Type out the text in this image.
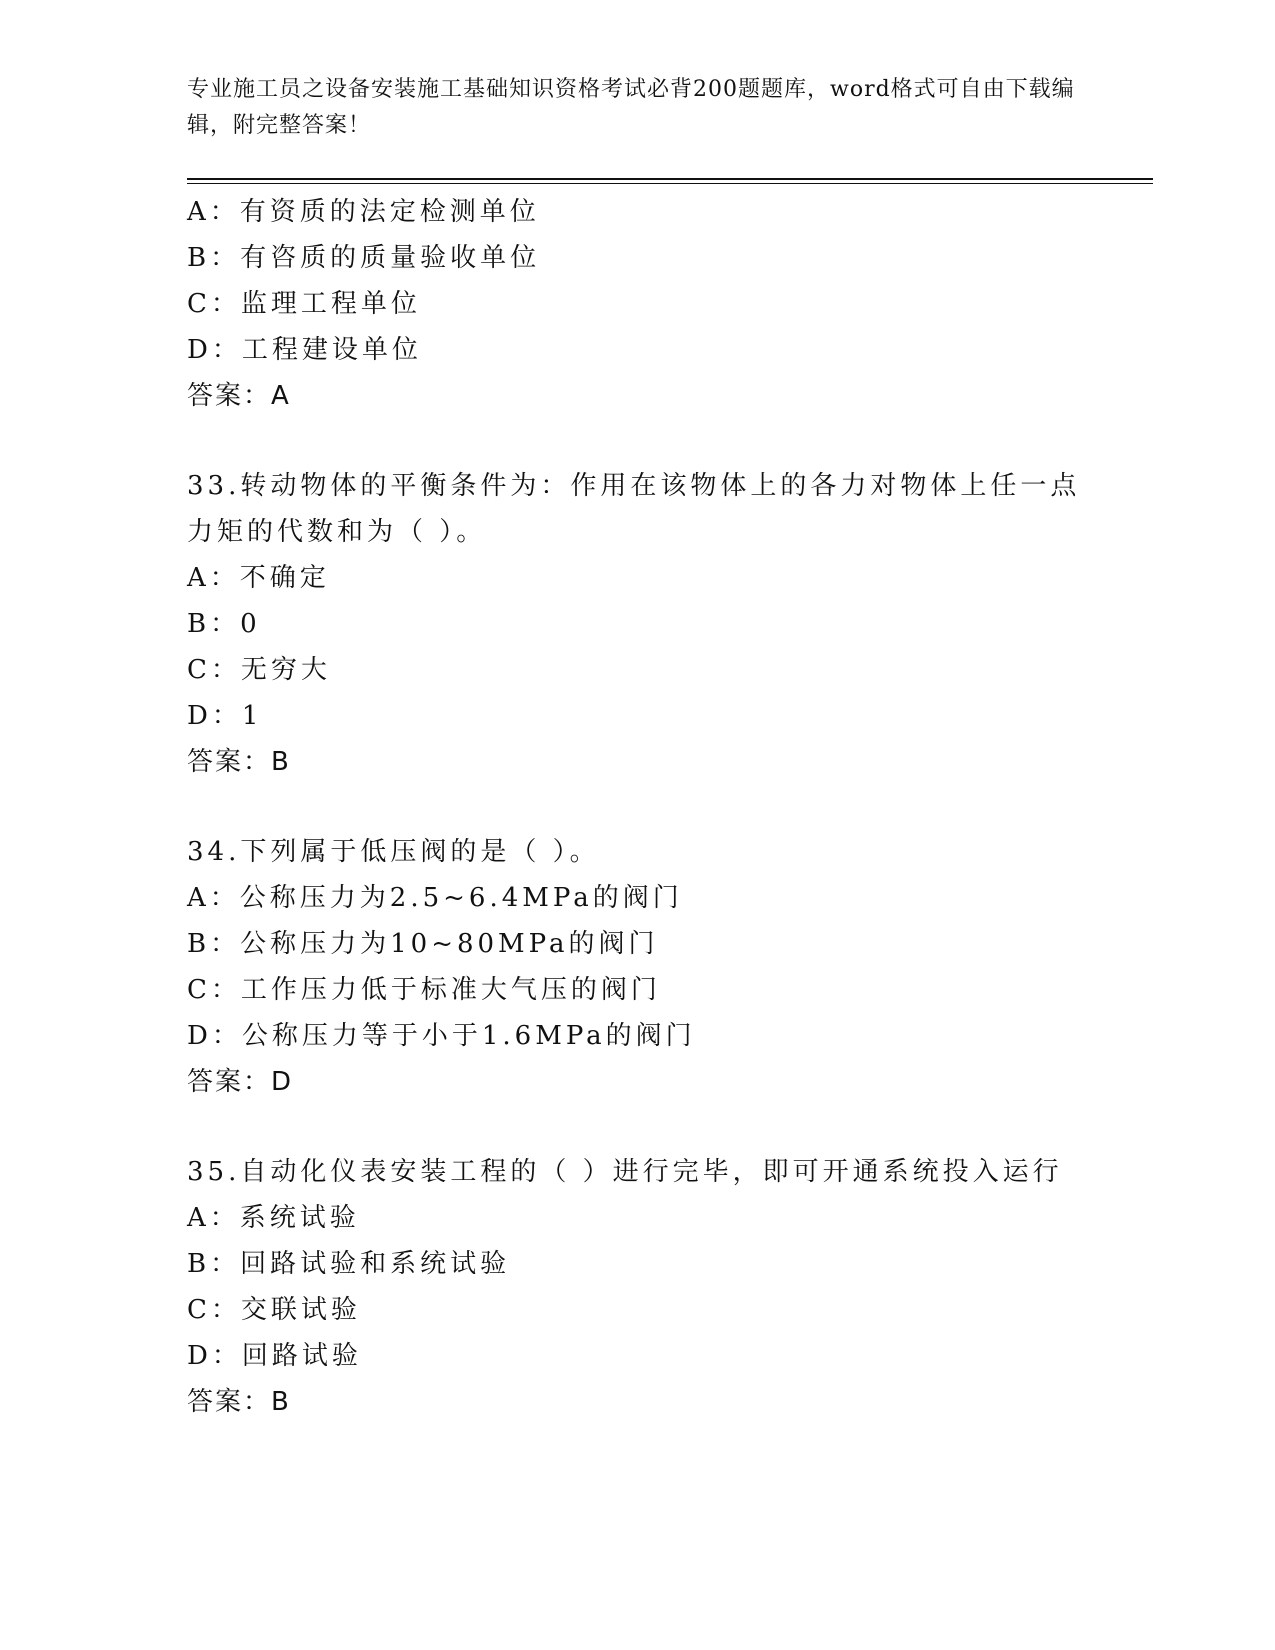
专业施工员之设备安装施工基础知识资格考试必背200题题库，word格式可自由下载编辑，附完整答案！
A：有资质的法定检测单位
B：有咨质的质量验收单位
C：监理工程单位
D：工程建设单位
答案：A
33.转动物体的平衡条件为：作用在该物体上的各力对物体上任一点力矩的代数和为（ ）。
A：不确定
B：0
C：无穷大
D：1
答案：B
34.下列属于低压阀的是（ ）。
A：公称压力为2.5~6.4MPa的阀门
B：公称压力为10~80MPa的阀门
C：工作压力低于标准大气压的阀门
D：公称压力等于小于1.6MPa的阀门
答案：D
35.自动化仪表安装工程的（ ）进行完毕，即可开通系统投入运行
A：系统试验
B：回路试验和系统试验
C：交联试验
D：回路试验
答案：B
